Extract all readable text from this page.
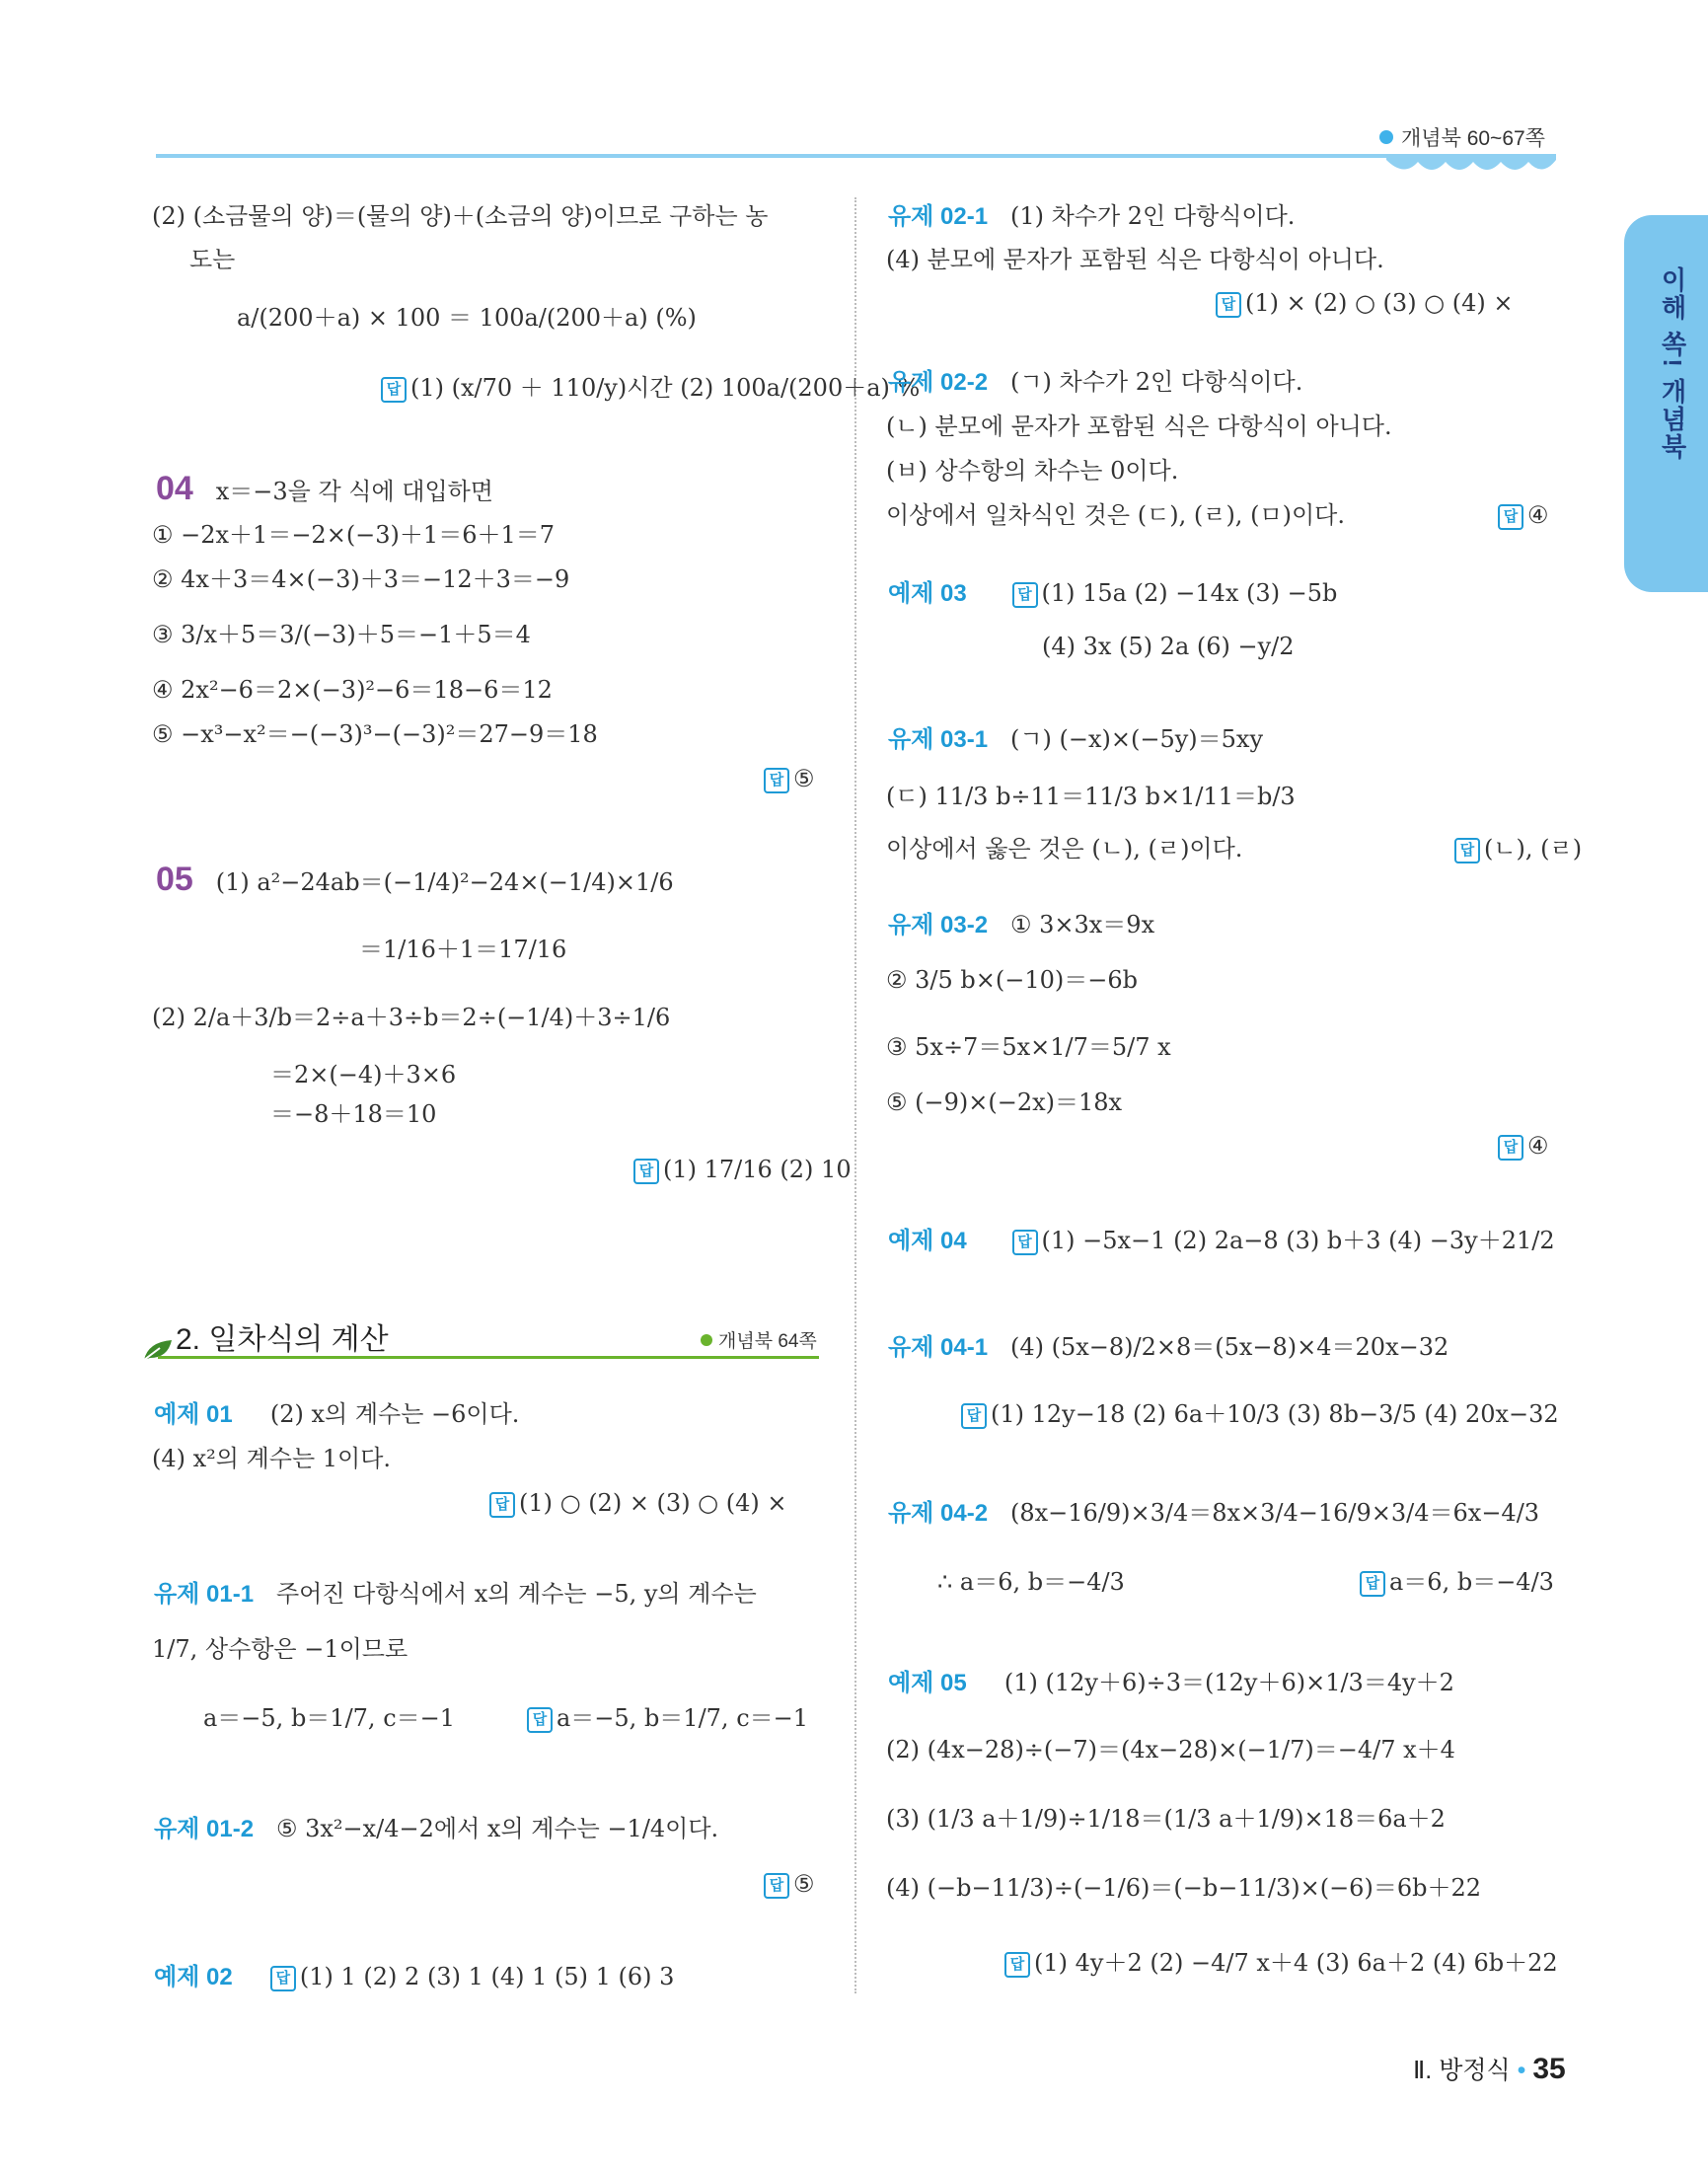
개념북 60~67쪽
이해 쏙! 개념북
(2) (소금물의 양)＝(물의 양)＋(소금의 양)이므로 구하는 농
도는
a/(200＋a) × 100 ＝ 100a/(200＋a) (%)
답 (1) (x/70 ＋ 110/y)시간 (2) 100a/(200＋a) %
04 x＝−3을 각 식에 대입하면
① −2x＋1＝−2×(−3)＋1＝6＋1＝7
② 4x＋3＝4×(−3)＋3＝−12＋3＝−9
③ 3/x＋5＝3/(−3)＋5＝−1＋5＝4
④ 2x²−6＝2×(−3)²−6＝18−6＝12
⑤ −x³−x²＝−(−3)³−(−3)²＝27−9＝18
답 ⑤
05 (1) a²−24ab＝(−1/4)²−24×(−1/4)×1/6
＝1/16＋1＝17/16
(2) 2/a＋3/b＝2÷a＋3÷b＝2÷(−1/4)＋3÷1/6
＝2×(−4)＋3×6
＝−8＋18＝10
답 (1) 17/16 (2) 10
2. 일차식의 계산	개념북 64쪽
예제 01 (2) x의 계수는 −6이다.
(4) x²의 계수는 1이다.
답 (1) ○ (2) × (3) ○ (4) ×
유제 01-1 주어진 다항식에서 x의 계수는 −5, y의 계수는
1/7, 상수항은 −1이므로
a＝−5, b＝1/7, c＝−1	답 a＝−5, b＝1/7, c＝−1
유제 01-2 ⑤ 3x²−x/4−2에서 x의 계수는 −1/4이다.
답 ⑤
예제 02	답 (1) 1 (2) 2 (3) 1 (4) 1 (5) 1 (6) 3
유제 02-1 (1) 차수가 2인 다항식이다.
(4) 분모에 문자가 포함된 식은 다항식이 아니다.
답 (1) × (2) ○ (3) ○ (4) ×
유제 02-2 (ㄱ) 차수가 2인 다항식이다.
(ㄴ) 분모에 문자가 포함된 식은 다항식이 아니다.
(ㅂ) 상수항의 차수는 0이다.
이상에서 일차식인 것은 (ㄷ), (ㄹ), (ㅁ)이다.	답 ④
예제 03	답 (1) 15a (2) −14x (3) −5b
(4) 3x (5) 2a (6) −y/2
유제 03-1 (ㄱ) (−x)×(−5y)＝5xy
(ㄷ) 11/3 b÷11＝11/3 b×1/11＝b/3
이상에서 옳은 것은 (ㄴ), (ㄹ)이다.	답 (ㄴ), (ㄹ)
유제 03-2 ① 3×3x＝9x
② 3/5 b×(−10)＝−6b
③ 5x÷7＝5x×1/7＝5/7 x
⑤ (−9)×(−2x)＝18x
답 ④
예제 04	답 (1) −5x−1 (2) 2a−8 (3) b＋3 (4) −3y＋21/2
유제 04-1 (4) (5x−8)/2×8＝(5x−8)×4＝20x−32
답 (1) 12y−18 (2) 6a＋10/3 (3) 8b−3/5 (4) 20x−32
유제 04-2 (8x−16/9)×3/4＝8x×3/4−16/9×3/4＝6x−4/3
∴ a＝6, b＝−4/3	답 a＝6, b＝−4/3
예제 05 (1) (12y＋6)÷3＝(12y＋6)×1/3＝4y＋2
(2) (4x−28)÷(−7)＝(4x−28)×(−1/7)＝−4/7 x＋4
(3) (1/3 a＋1/9)÷1/18＝(1/3 a＋1/9)×18＝6a＋2
(4) (−b−11/3)÷(−1/6)＝(−b−11/3)×(−6)＝6b＋22
답 (1) 4y＋2 (2) −4/7 x＋4 (3) 6a＋2 (4) 6b＋22
Ⅱ. 방정식 • 35
